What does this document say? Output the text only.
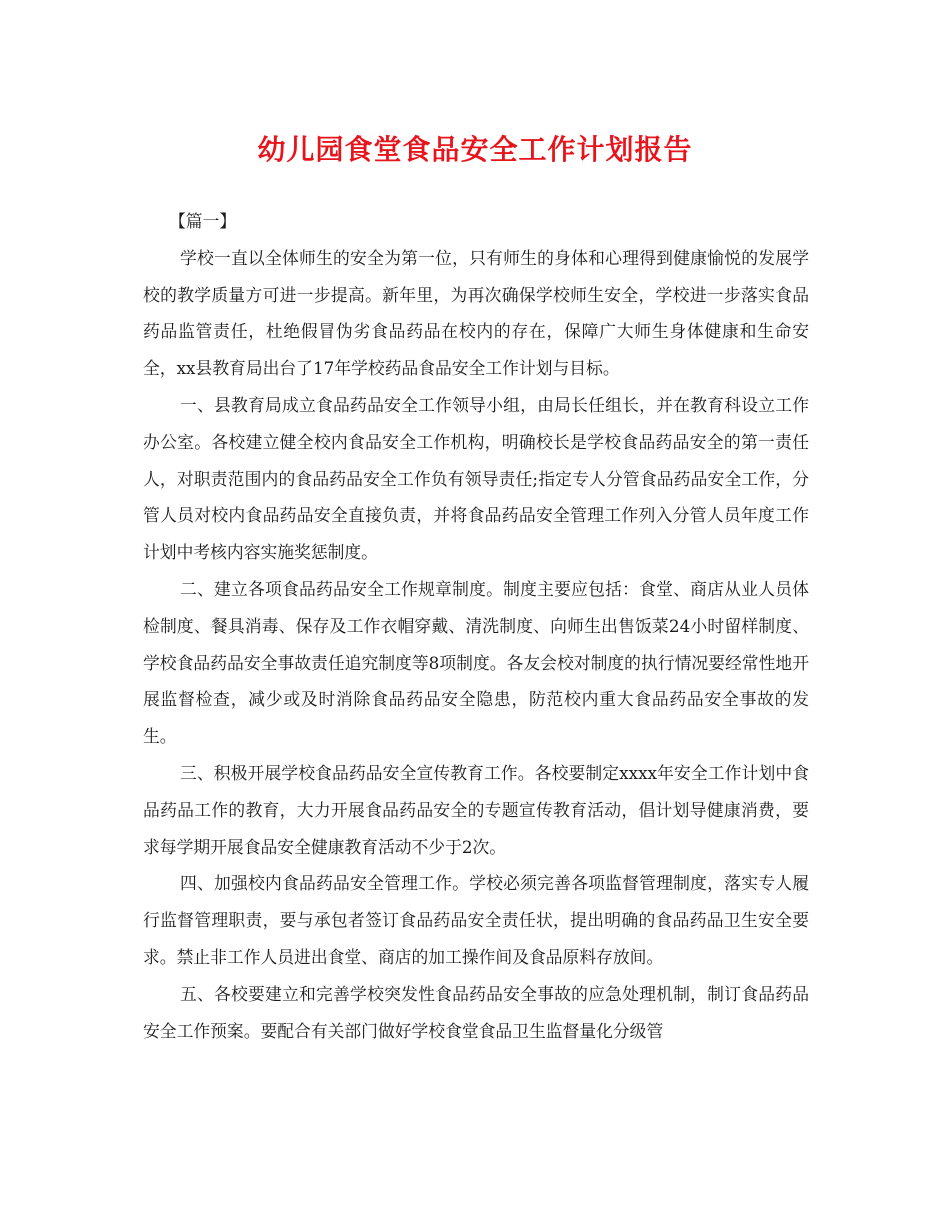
幼儿园食堂食品安全工作计划报告

【篇一】

学校一直以全体师生的安全为第一位，只有师生的身体和心理得到健康愉悦的发展学校的教学质量方可进一步提高。新年里，为再次确保学校师生安全，学校进一步落实食品药品监管责任，杜绝假冒伪劣食品药品在校内的存在，保障广大师生身体健康和生命安全，xx县教育局出台了17年学校药品食品安全工作计划与目标。

一、县教育局成立食品药品安全工作领导小组，由局长任组长，并在教育科设立工作办公室。各校建立健全校内食品安全工作机构，明确校长是学校食品药品安全的第一责任人，对职责范围内的食品药品安全工作负有领导责任;指定专人分管食品药品安全工作，分管人员对校内食品药品安全直接负责，并将食品药品安全管理工作列入分管人员年度工作计划中考核内容实施奖惩制度。

二、建立各项食品药品安全工作规章制度。制度主要应包括：食堂、商店从业人员体检制度、餐具消毒、保存及工作衣帽穿戴、清洗制度、向师生出售饭菜24小时留样制度、学校食品药品安全事故责任追究制度等8项制度。各友会校对制度的执行情况要经常性地开展监督检查，减少或及时消除食品药品安全隐患，防范校内重大食品药品安全事故的发生。

三、积极开展学校食品药品安全宣传教育工作。各校要制定xxxx年安全工作计划中食品药品工作的教育，大力开展食品药品安全的专题宣传教育活动，倡计划导健康消费，要求每学期开展食品安全健康教育活动不少于2次。

四、加强校内食品药品安全管理工作。学校必须完善各项监督管理制度，落实专人履行监督管理职责，要与承包者签订食品药品安全责任状，提出明确的食品药品卫生安全要求。禁止非工作人员进出食堂、商店的加工操作间及食品原料存放间。

五、各校要建立和完善学校突发性食品药品安全事故的应急处理机制，制订食品药品安全工作预案。要配合有关部门做好学校食堂食品卫生监督量化分级管
